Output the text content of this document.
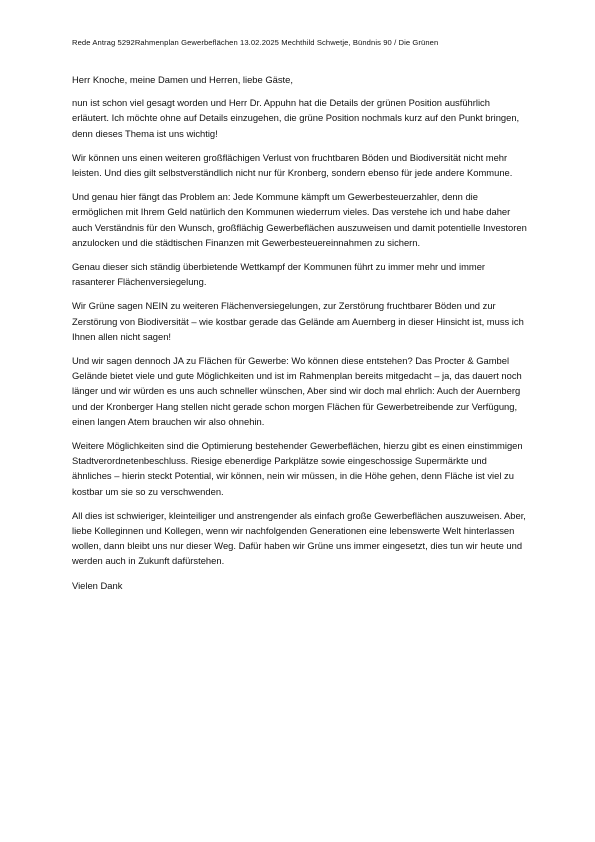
Rede Antrag 5292Rahmenplan Gewerbeflächen 13.02.2025 Mechthild Schwetje, Bündnis 90 / Die Grünen

Herr Knoche, meine Damen und Herren, liebe Gäste,

nun ist schon viel gesagt worden und Herr Dr. Appuhn hat die Details der grünen Position ausführlich erläutert. Ich möchte ohne auf Details einzugehen, die grüne Position nochmals kurz auf den Punkt bringen, denn dieses Thema ist uns wichtig!

Wir können uns einen weiteren großflächigen Verlust von fruchtbaren Böden und Biodiversität nicht mehr leisten. Und dies gilt selbstverständlich nicht nur für Kronberg, sondern ebenso für jede andere Kommune.

Und genau hier fängt das Problem an: Jede Kommune kämpft um Gewerbesteuerzahler, denn die ermöglichen mit Ihrem Geld natürlich den Kommunen wiederrum vieles. Das verstehe ich und habe daher auch Verständnis für den Wunsch, großflächig Gewerbeflächen auszuweisen und damit potentielle Investoren anzulocken und die städtischen Finanzen mit Gewerbesteuereinnahmen zu sichern.

Genau dieser sich ständig überbietende Wettkampf der Kommunen führt zu immer mehr und immer rasanterer Flächenversiegelung.

Wir Grüne sagen NEIN zu weiteren Flächenversiegelungen, zur Zerstörung fruchtbarer Böden und zur Zerstörung von Biodiversität – wie kostbar gerade das Gelände am Auernberg in dieser Hinsicht ist, muss ich Ihnen allen nicht sagen!

Und wir sagen dennoch JA zu Flächen für Gewerbe: Wo können diese entstehen? Das Procter & Gambel Gelände bietet viele und gute Möglichkeiten und ist im Rahmenplan bereits mitgedacht – ja, das dauert noch länger und wir würden es uns auch schneller wünschen, Aber sind wir doch mal ehrlich: Auch der Auernberg und der Kronberger Hang stellen nicht gerade schon morgen Flächen für Gewerbetreibende zur Verfügung, einen langen Atem brauchen wir also ohnehin.

Weitere Möglichkeiten sind die Optimierung bestehender Gewerbeflächen, hierzu gibt es einen einstimmigen Stadtverordnetenbeschluss. Riesige ebenerdige Parkplätze sowie eingeschossige Supermärkte und ähnliches – hierin steckt Potential, wir können, nein wir müssen, in die Höhe gehen, denn Fläche ist viel zu kostbar um sie so zu verschwenden.

All dies ist schwieriger, kleinteiliger und anstrengender als einfach große Gewerbeflächen auszuweisen. Aber, liebe Kolleginnen und Kollegen, wenn wir nachfolgenden Generationen eine lebenswerte Welt hinterlassen wollen, dann bleibt uns nur dieser Weg. Dafür haben wir Grüne uns immer eingesetzt, dies tun wir heute und werden auch in Zukunft dafürstehen.

Vielen Dank
